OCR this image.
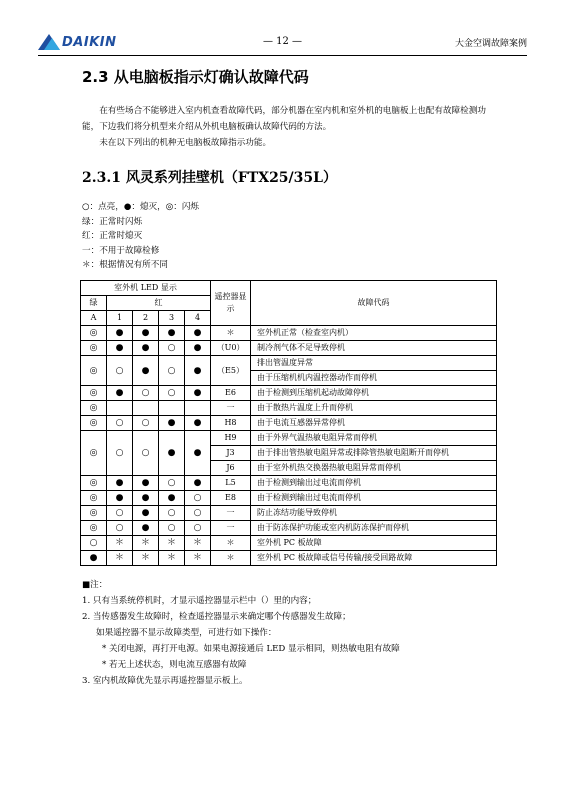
DAIKIN	— 12 —	大金空调故障案例
2.3 从电脑板指示灯确认故障代码

在有些场合不能够进入室内机查看故障代码，部分机器在室内机和室外机的电脑板上也配有故障检测功能，下边我们将分机型来介绍从外机电脑板确认故障代码的方法。

未在以下列出的机种无电脑板故障指示功能。

2.3.1 风灵系列挂壁机（FTX25/35L）
○：点亮，●：熄灭，◎：闪烁
绿：正常时闪烁
红：正常时熄灭
一：不用于故障检修
＊：根据情况有所不同
室外机 LED 显示					遥控器显示	故障代码
绿	红					
A	1	2	3	4		
◎	●	●	●	●	＊	室外机正常（检查室内机）
◎	●	●	○	●	（U0）	制冷剂气体不足导致停机
◎	○	●	○	●	（E5）	排出管温度异常
						由于压缩机机内温控器动作而停机
◎	●	○	○	●	E6	由于检测到压缩机起动故障停机
◎					一	由于散热片温度上升而停机
◎	○	○	●	●	H8	由于电流互感器异常停机
◎	○	○	●	●	H9	由于外界气温热敏电阻异常而停机
					J3	由于排出管热敏电阻异常或排除管热敏电阻断开而停机
					J6	由于室外机热交换器热敏电阻异常而停机
◎	●	●	○	●	L5	由于检测到输出过电流而停机
◎	●	●	●	○	E8	由于检测到输出过电流而停机
◎	○	●	○	○	一	防止冻结功能导致停机
◎	○	●	○	○	一	由于防冻保护功能或室内机防冻保护而停机
○	＊	＊	＊	＊	＊	室外机 PC 板故障
●	＊	＊	＊	＊	＊	室外机 PC 板故障或信号传输/接受回路故障
■注：
1. 只有当系统停机时，才显示遥控器显示栏中（）里的内容；
2. 当传感器发生故障时，检查遥控器显示来确定哪个传感器发生故障；
如果遥控器不显示故障类型，可进行如下操作：
* 关闭电源，再打开电源。如果电源接通后 LED 显示相同，则热敏电阻有故障
* 若无上述状态，则电流互感器有故障
3. 室内机故障优先显示再遥控器显示板上。
